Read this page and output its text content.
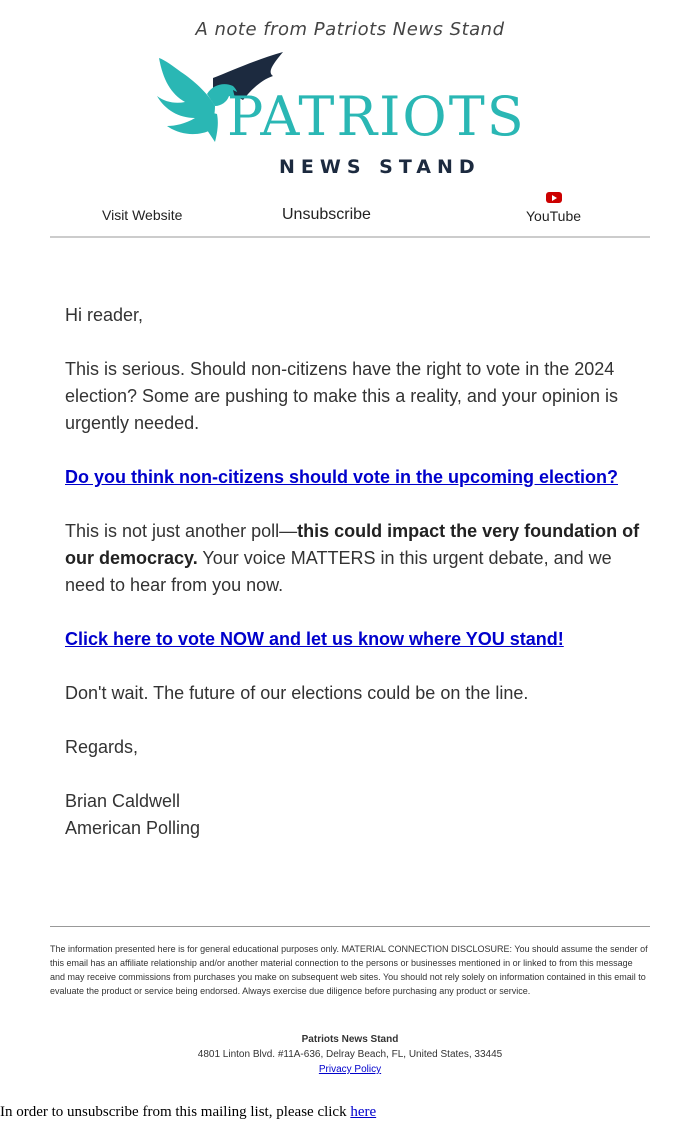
A note from Patriots News Stand
PATRIOTS
NEWS STAND
Visit Website	Unsubscribe	YouTube

Hi reader,

This is serious. Should non-citizens have the right to vote in the 2024 election? Some are pushing to make this a reality, and your opinion is urgently needed.

Do you think non-citizens should vote in the upcoming election?

This is not just another poll—this could impact the very foundation of our democracy. Your voice MATTERS in this urgent debate, and we need to hear from you now.

Click here to vote NOW and let us know where YOU stand!

Don't wait. The future of our elections could be on the line.

Regards,

Brian Caldwell
American Polling

The information presented here is for general educational purposes only. MATERIAL CONNECTION DISCLOSURE: You should assume the sender of this email has an affiliate relationship and/or another material connection to the persons or businesses mentioned in or linked to from this message and may receive commissions from purchases you make on subsequent web sites. You should not rely solely on information contained in this email to evaluate the product or service being endorsed. Always exercise due diligence before purchasing any product or service.
Patriots News Stand
4801 Linton Blvd. #11A-636, Delray Beach, FL, United States, 33445
Privacy Policy
In order to unsubscribe from this mailing list, please click here
